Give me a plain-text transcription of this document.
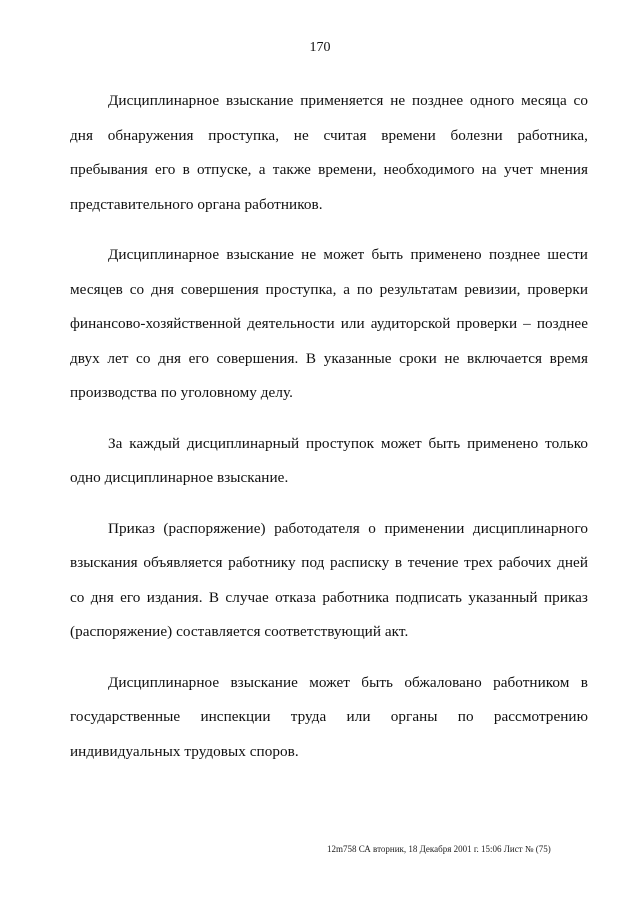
170

Дисциплинарное взыскание применяется не позднее одного месяца со дня обнаружения проступка, не считая времени болезни работника, пребывания его в отпуске, а также времени, необходимого на учет мнения представительного органа работников.

Дисциплинарное взыскание не может быть применено позднее шести месяцев со дня совершения проступка, а по результатам ревизии, проверки финансово-хозяйственной деятельности или аудиторской проверки – позднее двух лет со дня его совершения. В указанные сроки не включается время производства по уголовному делу.

За каждый дисциплинарный проступок может быть применено только одно дисциплинарное взыскание.

Приказ (распоряжение) работодателя о применении дисциплинарного взыскания объявляется работнику под расписку в течение трех рабочих дней со дня его издания. В случае отказа работника подписать указанный приказ (распоряжение) составляется соответствующий акт.

Дисциплинарное взыскание может быть обжаловано работником в государственные инспекции труда или органы по рассмотрению индивидуальных трудовых споров.

12m758 СА вторник, 18 Декабря 2001 г. 15:06 Лист № (75)
